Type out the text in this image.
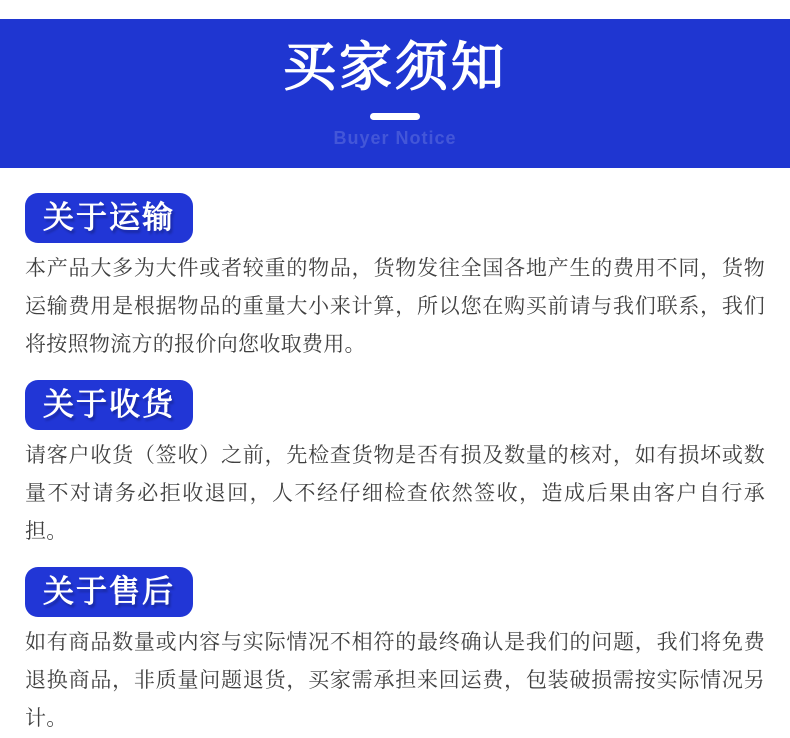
买家须知
Buyer Notice
关于运输
本产品大多为大件或者较重的物品，货物发往全国各地产生的费用不同，货物运输费用是根据物品的重量大小来计算，所以您在购买前请与我们联系，我们将按照物流方的报价向您收取费用。
关于收货
请客户收货（签收）之前，先检查货物是否有损及数量的核对，如有损坏或数量不对请务必拒收退回，人不经仔细检查依然签收，造成后果由客户自行承担。
关于售后
如有商品数量或内容与实际情况不相符的最终确认是我们的问题，我们将免费退换商品，非质量问题退货，买家需承担来回运费，包装破损需按实际情况另计。
